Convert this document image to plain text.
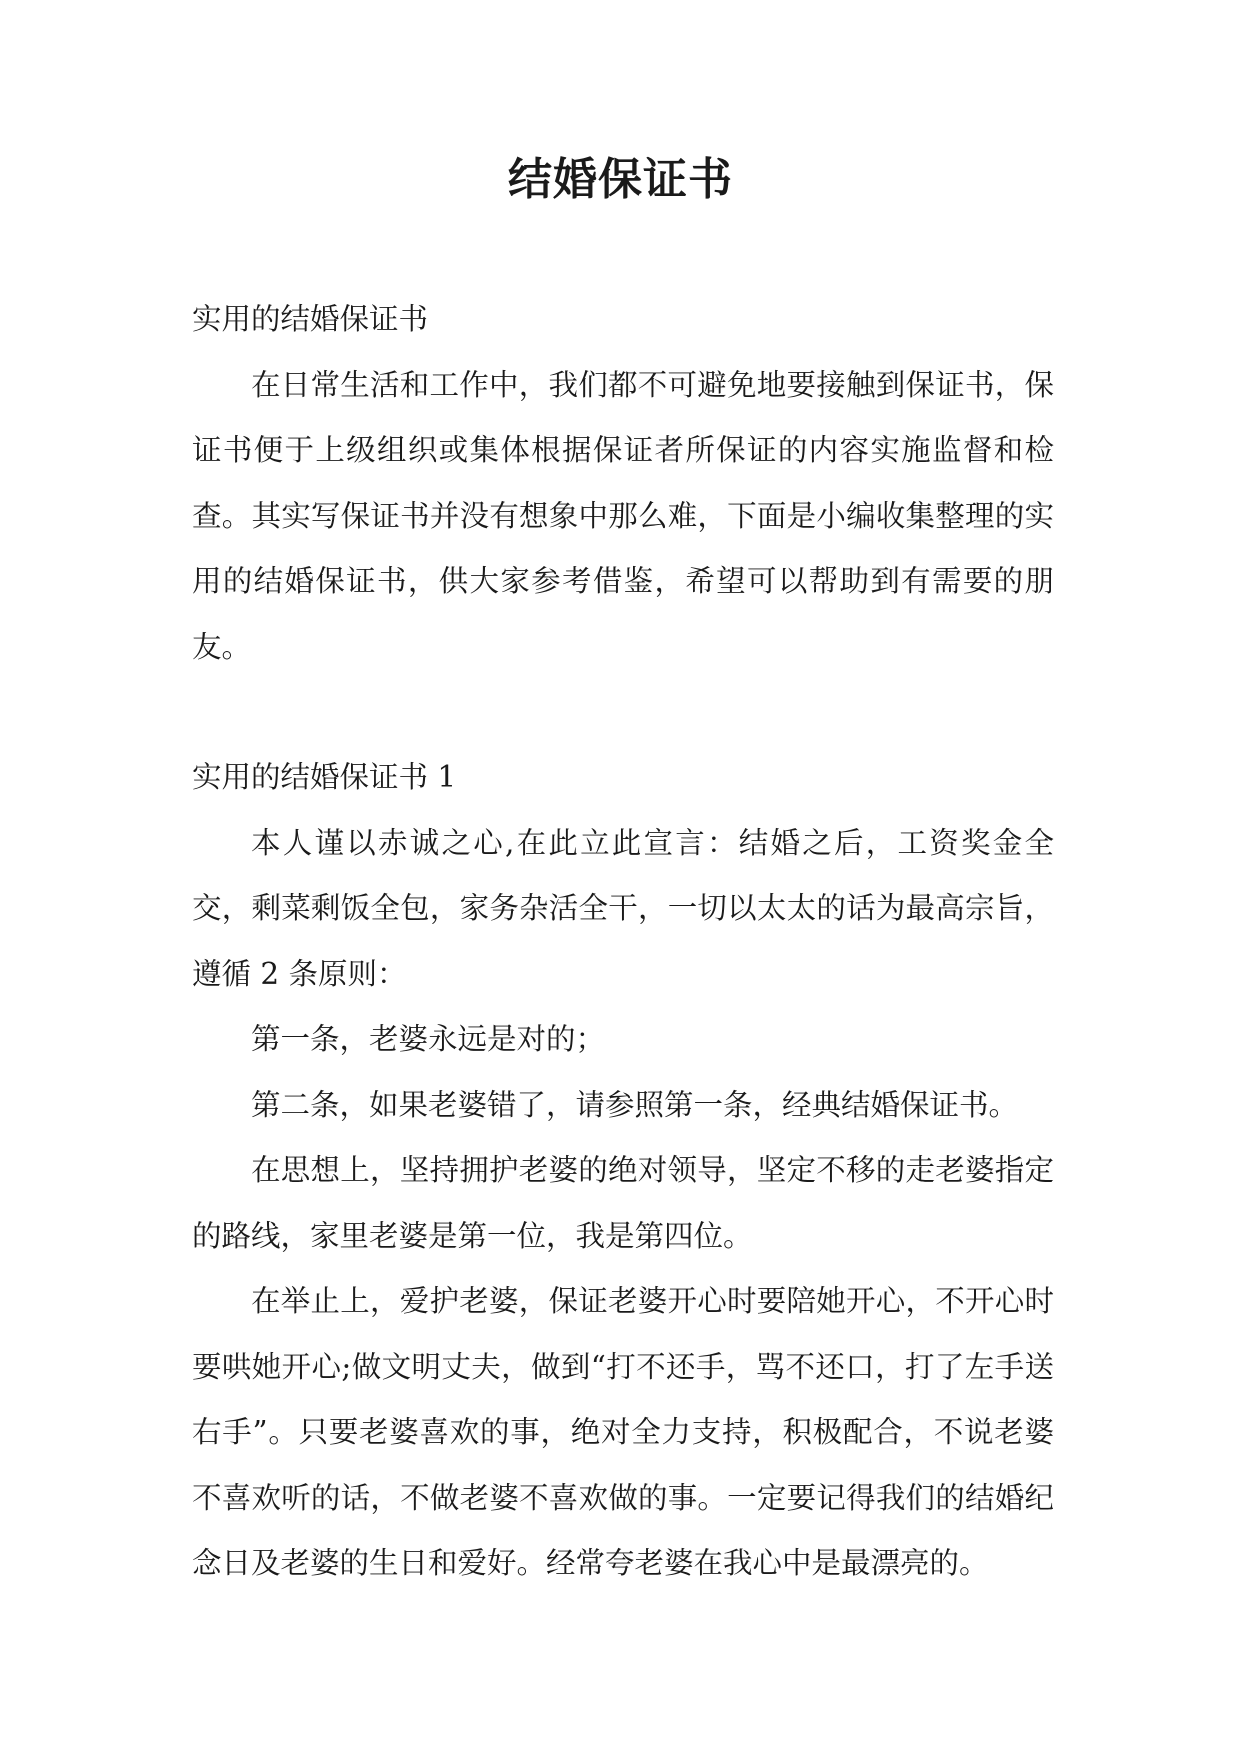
结婚保证书

实用的结婚保证书

在日常生活和工作中，我们都不可避免地要接触到保证书，保证书便于上级组织或集体根据保证者所保证的内容实施监督和检查。其实写保证书并没有想象中那么难，下面是小编收集整理的实用的结婚保证书，供大家参考借鉴，希望可以帮助到有需要的朋友。

实用的结婚保证书 1

本人谨以赤诚之心,在此立此宣言：结婚之后，工资奖金全交，剩菜剩饭全包，家务杂活全干，一切以太太的话为最高宗旨，遵循 2 条原则：

第一条，老婆永远是对的；

第二条，如果老婆错了，请参照第一条，经典结婚保证书。

在思想上，坚持拥护老婆的绝对领导，坚定不移的走老婆指定的路线，家里老婆是第一位，我是第四位。

在举止上，爱护老婆，保证老婆开心时要陪她开心，不开心时要哄她开心;做文明丈夫，做到“打不还手，骂不还口，打了左手送右手”。只要老婆喜欢的事，绝对全力支持，积极配合，不说老婆不喜欢听的话，不做老婆不喜欢做的事。一定要记得我们的结婚纪念日及老婆的生日和爱好。经常夸老婆在我心中是最漂亮的。
